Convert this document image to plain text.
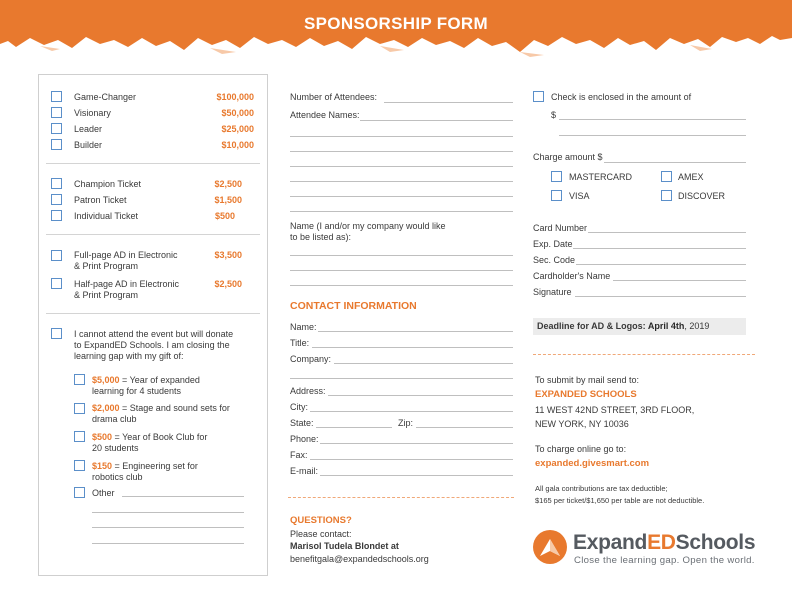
SPONSORSHIP FORM
Game-Changer	$100,000
Visionary	$50,000
Leader	$25,000
Builder	$10,000
Champion Ticket	$2,500
Patron Ticket	$1,500
Individual Ticket	$500
Full-page AD in Electronic
& Print Program
$3,500
Half-page AD in Electronic
& Print Program
$2,500
I cannot attend the event but will donate
to ExpandED Schools. I am closing the
learning gap with my gift of:
$5,000 = Year of expanded
learning for 4 students
$2,000 = Stage and sound sets for
drama club
$500 = Year of Book Club for
20 students
$150 = Engineering set for
robotics club
Other
Number of Attendees:
Attendee Names:
Name (I and/or my company would like
to be listed as):
CONTACT INFORMATION
Name:
Title:
Company:
Address:
City:
State:	Zip:
Phone:
Fax:
E-mail:
QUESTIONS?
Please contact:
Marisol Tudela Blondet at
benefitgala@expandedschools.org
Check is enclosed in the amount of
$
Charge amount $
MASTERCARD	AMEX
VISA	DISCOVER
Card Number
Exp. Date
Sec. Code
Cardholder's Name
Signature
Deadline for AD & Logos: April 4th, 2019
To submit by mail send to:
EXPANDED SCHOOLS
11 WEST 42ND STREET, 3RD FLOOR,
NEW YORK, NY 10036
To charge online go to:
expanded.givesmart.com
All gala contributions are tax deductible;
$165 per ticket/$1,650 per table are not deductible.
ExpandEDSchools
Close the learning gap. Open the world.
